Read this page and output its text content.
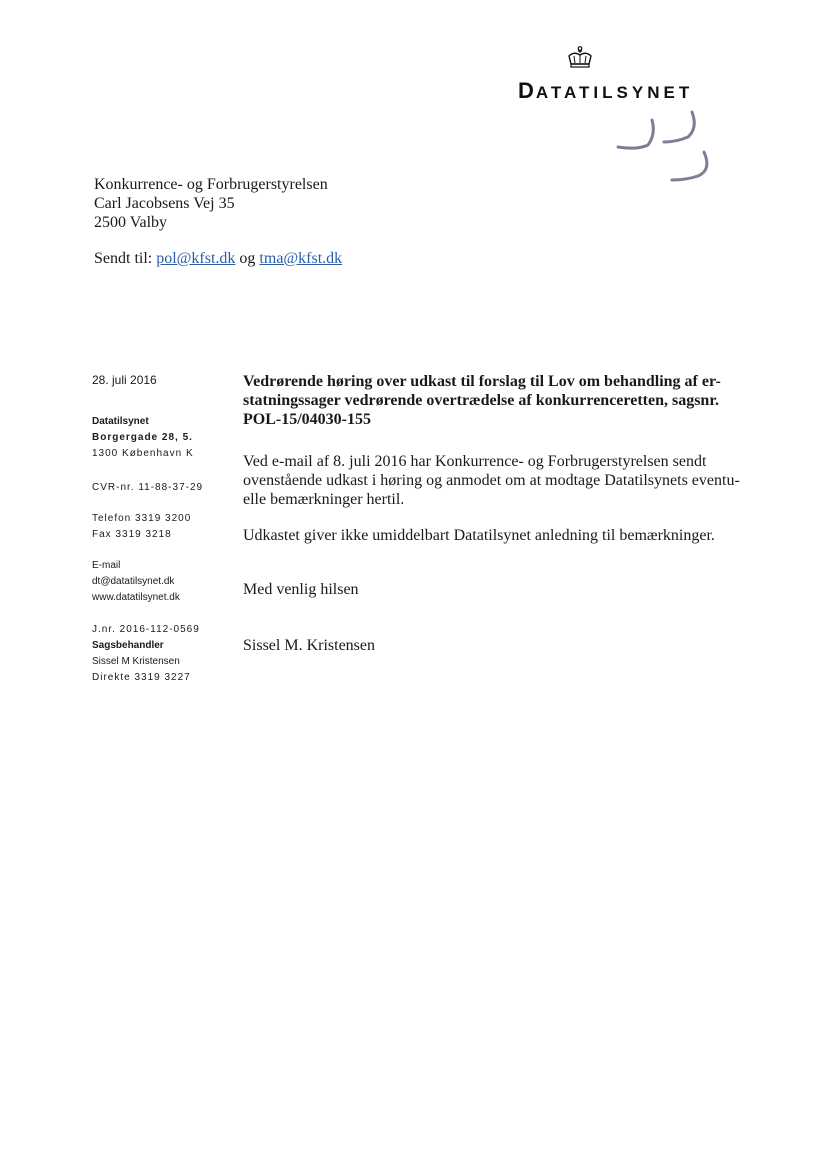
DATATILSYNET
Konkurrence- og Forbrugerstyrelsen
Carl Jacobsens Vej 35
2500 Valby
Sendt til: pol@kfst.dk og tma@kfst.dk
28. juli 2016
Datatilsynet
Borgergade 28, 5.
1300 København K
CVR-nr. 11-88-37-29
Telefon 3319 3200
Fax 3319 3218
E-mail
dt@datatilsynet.dk
www.datatilsynet.dk
J.nr. 2016-112-0569
Sagsbehandler
Sissel M Kristensen
Direkte 3319 3227
Vedrørende høring over udkast til forslag til Lov om behandling af er-
statningssager vedrørende overtrædelse af konkurrenceretten, sagsnr.
POL-15/04030-155
Ved e-mail af 8. juli 2016 har Konkurrence- og Forbrugerstyrelsen sendt
ovenstående udkast i høring og anmodet om at modtage Datatilsynets eventu-
elle bemærkninger hertil.
Udkastet giver ikke umiddelbart Datatilsynet anledning til bemærkninger.
Med venlig hilsen
Sissel M. Kristensen
